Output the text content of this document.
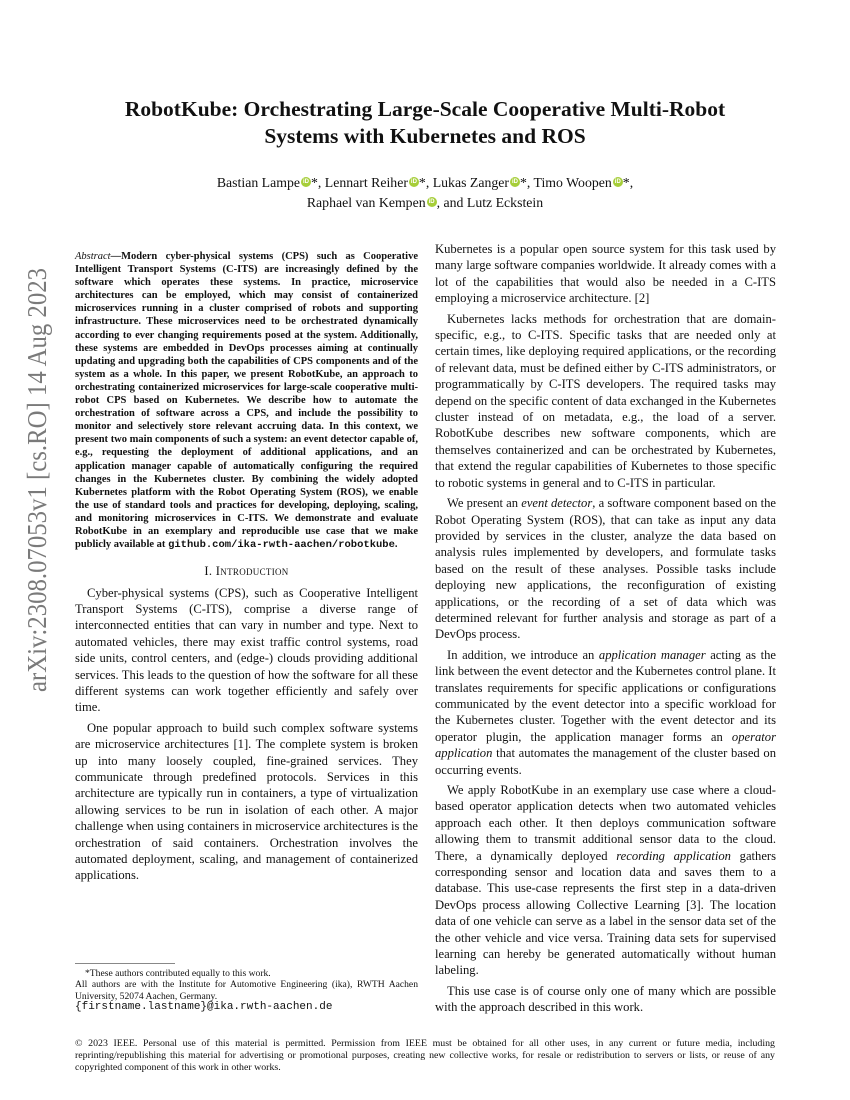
arXiv:2308.07053v1 [cs.RO] 14 Aug 2023
RobotKube: Orchestrating Large-Scale Cooperative Multi-Robot
Systems with Kubernetes and ROS
Bastian Lampe iD *, Lennart Reiher iD *, Lukas Zanger iD *, Timo Woopen iD *,
Raphael van Kempen iD , and Lutz Eckstein
Abstract—Modern cyber-physical systems (CPS) such as Cooperative Intelligent Transport Systems (C-ITS) are increasingly defined by the software which operates these systems. In practice, microservice architectures can be employed, which may consist of containerized microservices running in a cluster comprised of robots and supporting infrastructure. These microservices need to be orchestrated dynamically according to ever changing requirements posed at the system. Additionally, these systems are embedded in DevOps processes aiming at continually updating and upgrading both the capabilities of CPS components and of the system as a whole. In this paper, we present RobotKube, an approach to orchestrating containerized microservices for large-scale cooperative multi-robot CPS based on Kubernetes. We describe how to automate the orchestration of software across a CPS, and include the possibility to monitor and selectively store relevant accruing data. In this context, we present two main components of such a system: an event detector capable of, e.g., requesting the deployment of additional applications, and an application manager capable of automatically configuring the required changes in the Kubernetes cluster. By combining the widely adopted Kubernetes platform with the Robot Operating System (ROS), we enable the use of standard tools and practices for developing, deploying, scaling, and monitoring microservices in C-ITS. We demonstrate and evaluate RobotKube in an exemplary and reproducible use case that we make publicly available at github.com/ika-rwth-aachen/robotkube.
I. Introduction

Cyber-physical systems (CPS), such as Cooperative Intelligent Transport Systems (C-ITS), comprise a diverse range of interconnected entities that can vary in number and type. Next to automated vehicles, there may exist traffic control systems, road side units, control centers, and (edge-) clouds providing additional services. This leads to the question of how the software for all these different systems can work together efficiently and safely over time.

One popular approach to build such complex software systems are microservice architectures [1]. The complete system is broken up into many loosely coupled, fine-grained services. They communicate through predefined protocols. Services in this architecture are typically run in containers, a type of virtualization allowing services to be run in isolation of each other. A major challenge when using containers in microservice architectures is the orchestration of said containers. Orchestration involves the automated deployment, scaling, and management of containerized applications.

*These authors contributed equally to this work.

All authors are with the Institute for Automotive Engineering (ika), RWTH Aachen University, 52074 Aachen, Germany.

{firstname.lastname}@ika.rwth-aachen.de

Kubernetes is a popular open source system for this task used by many large software companies worldwide. It already comes with a lot of the capabilities that would also be needed in a C-ITS employing a microservice architecture. [2]

Kubernetes lacks methods for orchestration that are domain-specific, e.g., to C-ITS. Specific tasks that are needed only at certain times, like deploying required applications, or the recording of relevant data, must be defined either by C-ITS administrators, or programmatically by C-ITS developers. The required tasks may depend on the specific content of data exchanged in the Kubernetes cluster instead of on metadata, e.g., the load of a server. RobotKube describes new software components, which are themselves containerized and can be orchestrated by Kubernetes, that extend the regular capabilities of Kubernetes to those specific to robotic systems in general and to C-ITS in particular.

We present an event detector, a software component based on the Robot Operating System (ROS), that can take as input any data provided by services in the cluster, analyze the data based on analysis rules implemented by developers, and formulate tasks based on the result of these analyses. Possible tasks include deploying new applications, the reconfiguration of existing applications, or the recording of a set of data which was determined relevant for further analysis and storage as part of a DevOps process.

In addition, we introduce an application manager acting as the link between the event detector and the Kubernetes control plane. It translates requirements for specific applications or configurations communicated by the event detector into a specific workload for the Kubernetes cluster. Together with the event detector and its operator plugin, the application manager forms an operator application that automates the management of the cluster based on occurring events.

We apply RobotKube in an exemplary use case where a cloud-based operator application detects when two automated vehicles approach each other. It then deploys communication software allowing them to transmit additional sensor data to the cloud. There, a dynamically deployed recording application gathers corresponding sensor and location data and saves them to a database. This use-case represents the first step in a data-driven DevOps process allowing Collective Learning [3]. The location data of one vehicle can serve as a label in the sensor data set of the the other vehicle and vice versa. Training data sets for supervised learning can hereby be generated automatically without human labeling.

This use case is of course only one of many which are possible with the approach described in this work.

© 2023 IEEE. Personal use of this material is permitted. Permission from IEEE must be obtained for all other uses, in any current or future media, including reprinting/republishing this material for advertising or promotional purposes, creating new collective works, for resale or redistribution to servers or lists, or reuse of any copyrighted component of this work in other works.
